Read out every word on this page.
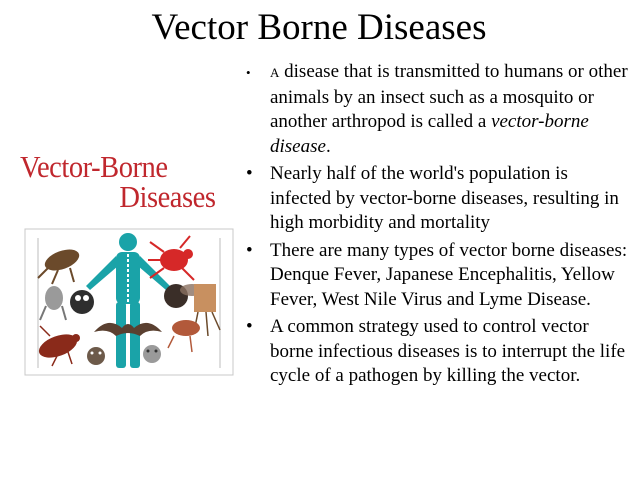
Vector Borne Diseases
Vector-Borne
Diseases
• A disease that is transmitted to humans or other animals by an insect such as a mosquito or another arthropod is called a vector-borne disease.
• Nearly half of the world's population is infected by vector-borne diseases, resulting in high morbidity and mortality
• There are many types of vector borne diseases: Denque Fever, Japanese Encephalitis, Yellow Fever, West Nile Virus and Lyme Disease.
• A common strategy used to control vector borne infectious diseases is to interrupt the life cycle of a pathogen by killing the vector.
